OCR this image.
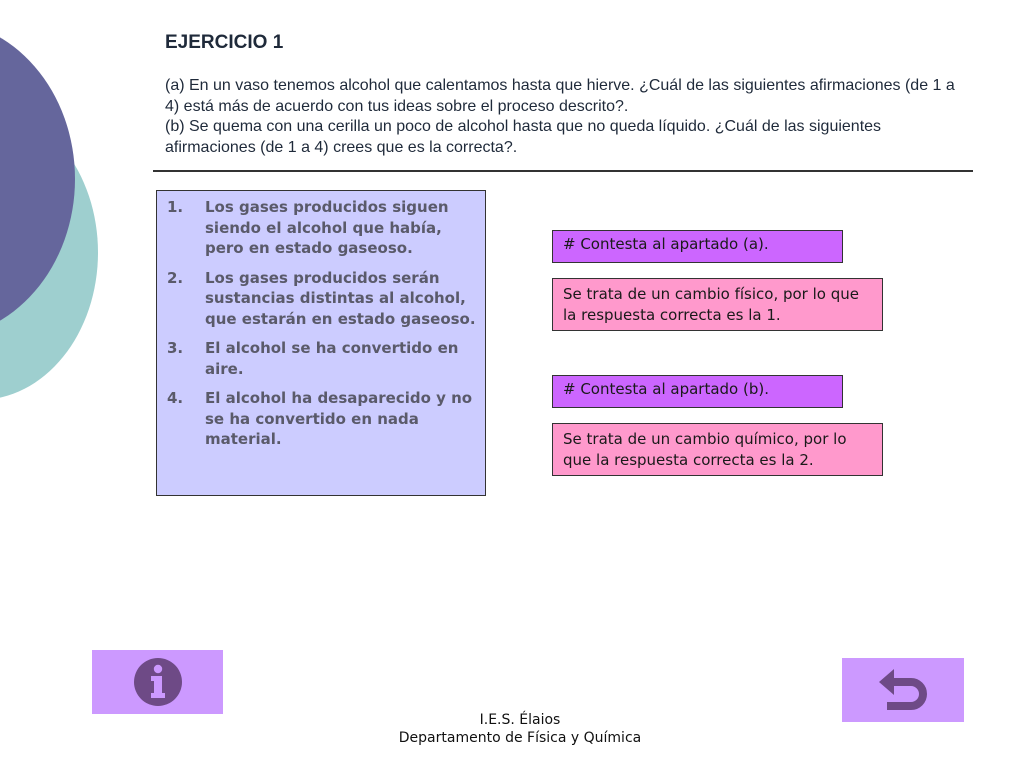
EJERCICIO 1

(a) En un vaso tenemos alcohol que calentamos hasta que hierve. ¿Cuál de las siguientes afirmaciones (de 1 a 4) está más de acuerdo con tus ideas sobre el proceso descrito?.

(b) Se quema con una cerilla un poco de alcohol hasta que no queda líquido. ¿Cuál de las siguientes afirmaciones (de 1 a 4) crees que es la correcta?.

1.	Los gases producidos siguen siendo el alcohol que había, pero en estado gaseoso.
2.	Los gases producidos serán sustancias distintas al alcohol, que estarán en estado gaseoso.
3.	El alcohol se ha convertido en aire.
4.	El alcohol ha desaparecido y no se ha convertido en nada material.
# Contesta al apartado (a).
Se trata de un cambio físico, por lo que la respuesta correcta es la 1.
# Contesta al apartado (b).
Se trata de un cambio químico, por lo que la respuesta correcta es la 2.
I.E.S. Élaios
Departamento de Física y Química
